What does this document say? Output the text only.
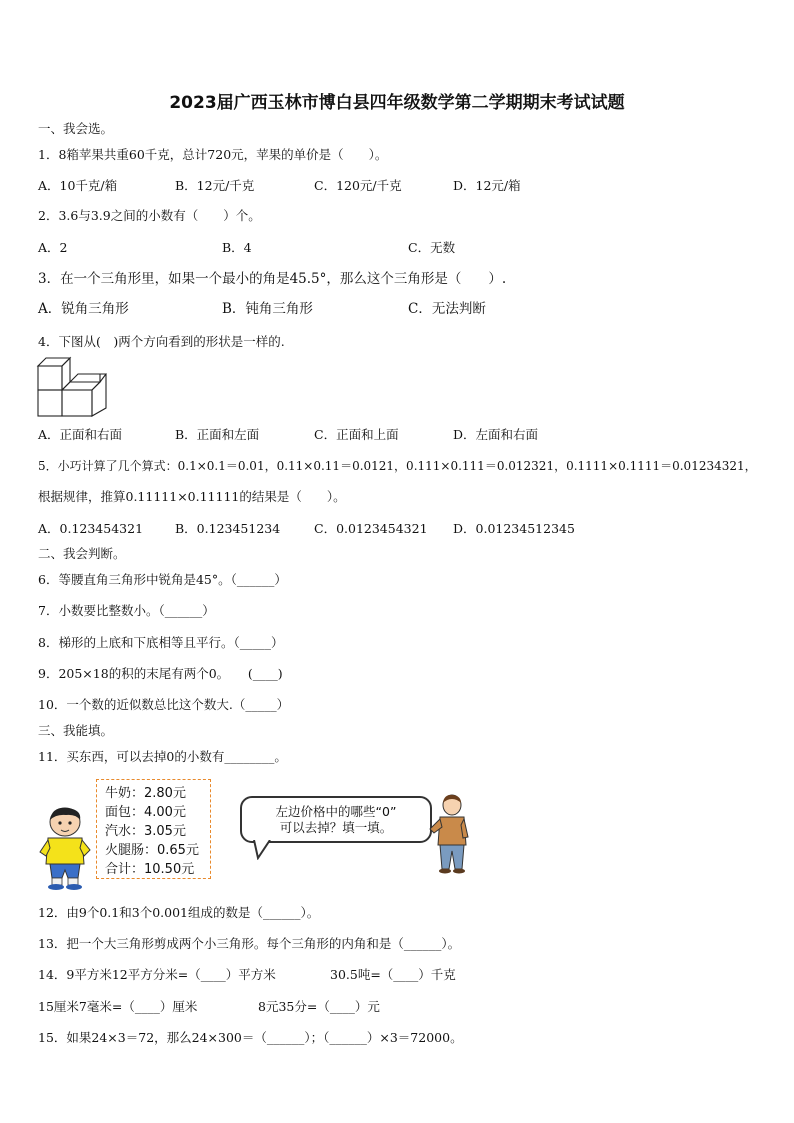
2023届广西玉林市博白县四年级数学第二学期期末考试试题
一、我会选。
1．8箱苹果共重60千克，总计720元，苹果的单价是（　　）。
A．10千克/箱	B．12元/千克	C．120元/千克	D．12元/箱
2．3.6与3.9之间的小数有（　　）个。
A．2	B．4	C．无数
3．在一个三角形里，如果一个最小的角是45.5°，那么这个三角形是（　　）.
A．锐角三角形	B．钝角三角形	C．无法判断
4．下图从(　)两个方向看到的形状是一样的.
A．正面和右面	B．正面和左面	C．正面和上面	D．左面和右面
5．小巧计算了几个算式：0.1×0.1＝0.01，0.11×0.11＝0.0121，0.111×0.111＝0.012321，0.1111×0.1111＝0.01234321，
根据规律，推算0.11111×0.11111的结果是（　　）。
A．0.123454321	B．0.123451234	C．0.0123454321 D．0.01234512345
二、我会判断。
6．等腰直角三角形中锐角是45°。（______）
7．小数要比整数小。（______）
8．梯形的上底和下底相等且平行。（_____）
9．205×18的积的末尾有两个0。　　(____)
10．一个数的近似数总比这个数大.（_____）
三、我能填。
11．买东西，可以去掉0的小数有________。
牛奶：2.80元
面包：4.00元
汽水：3.05元
火腿肠：0.65元
合计：10.50元
左边价格中的哪些“0”
可以去掉？填一填。
12．由9个0.1和3个0.001组成的数是（______）。
13．把一个大三角形剪成两个小三角形。每个三角形的内角和是（______）。
14．9平方米12平方分米=（____）平方米	30.5吨=（____）千克
15厘米7毫米=（____）厘米	8元35分=（____）元
15．如果24×3＝72，那么24×300＝（______）；（______）×3＝72000。
